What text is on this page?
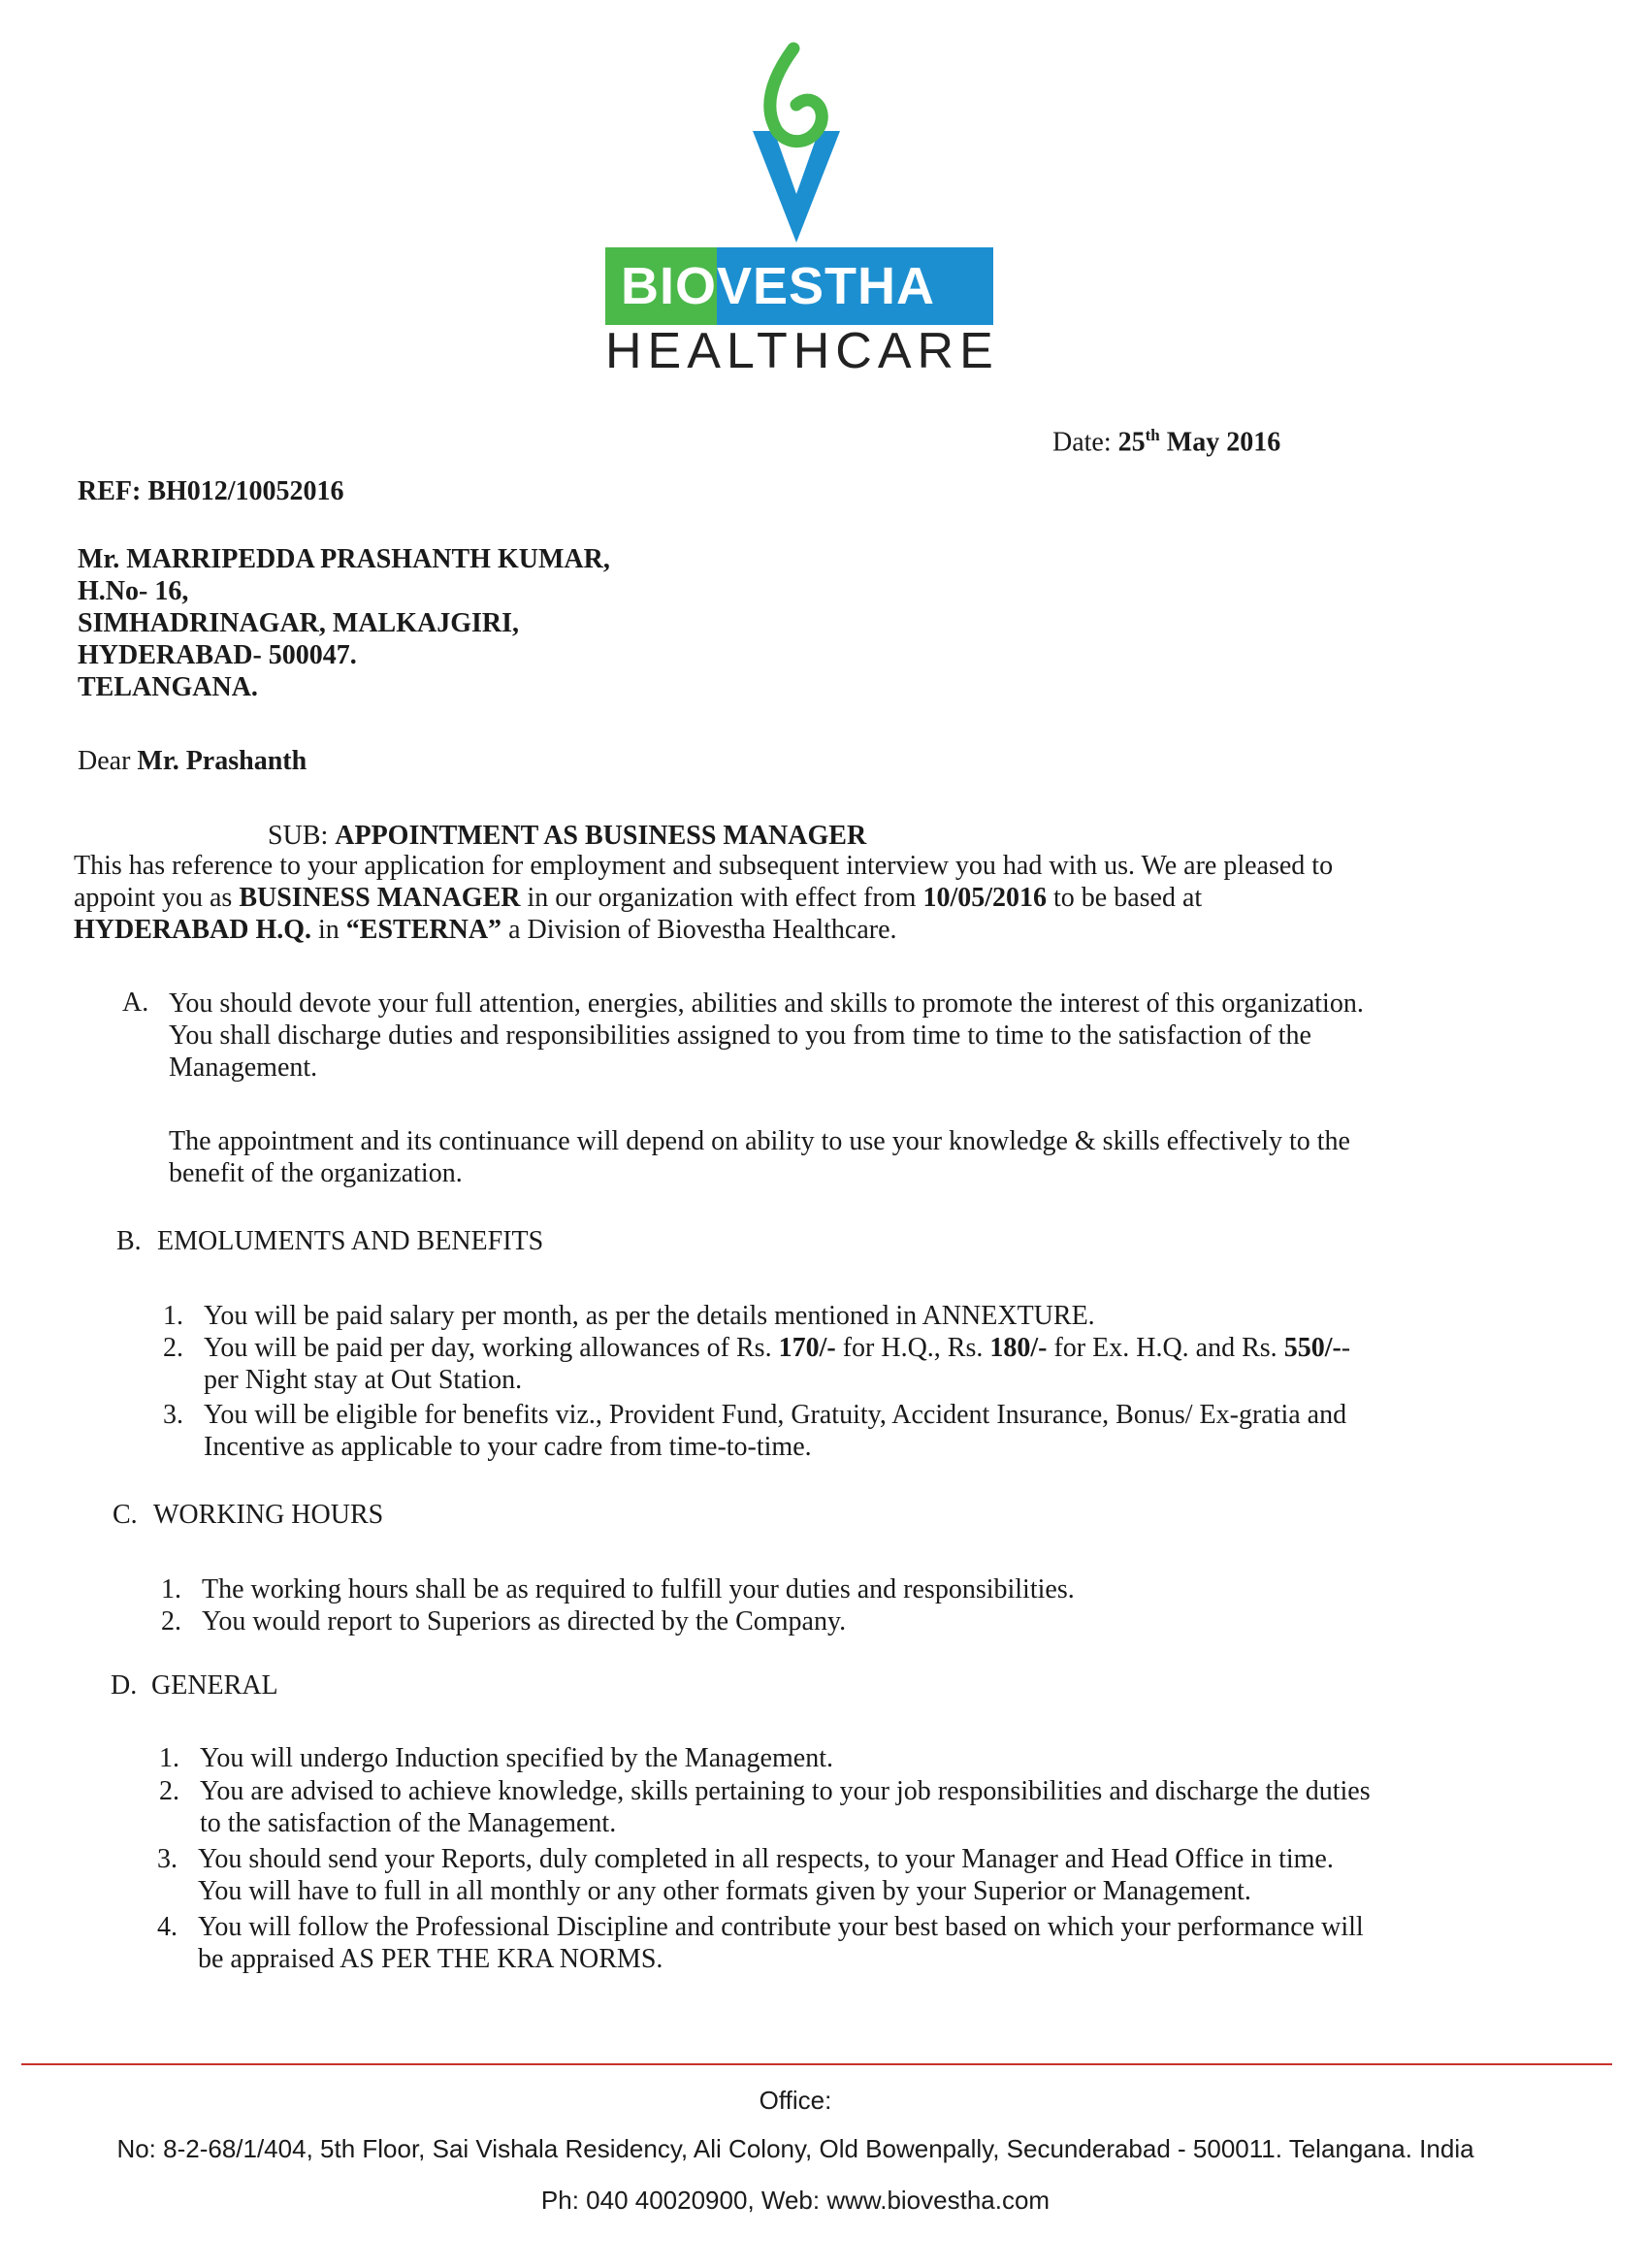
BIO VESTHA
HEALTHCARE
Date: 25th May 2016
REF: BH012/10052016
Mr. MARRIPEDDA PRASHANTH KUMAR,
H.No- 16,
SIMHADRINAGAR, MALKAJGIRI,
HYDERABAD- 500047.
TELANGANA.
Dear Mr. Prashanth
SUB: APPOINTMENT AS BUSINESS MANAGER
This has reference to your application for employment and subsequent interview you had with us. We are pleased to
appoint you as BUSINESS MANAGER in our organization with effect from 10/05/2016 to be based at
HYDERABAD H.Q. in “ESTERNA” a Division of Biovestha Healthcare.
A. You should devote your full attention, energies, abilities and skills to promote the interest of this organization.
You shall discharge duties and responsibilities assigned to you from time to time to the satisfaction of the
Management.
The appointment and its continuance will depend on ability to use your knowledge & skills effectively to the
benefit of the organization.
B. EMOLUMENTS AND BENEFITS
1. You will be paid salary per month, as per the details mentioned in ANNEXTURE.
2. You will be paid per day, working allowances of Rs. 170/- for H.Q., Rs. 180/- for Ex. H.Q. and Rs. 550/--
per Night stay at Out Station.
3. You will be eligible for benefits viz., Provident Fund, Gratuity, Accident Insurance, Bonus/ Ex-gratia and
Incentive as applicable to your cadre from time-to-time.
C. WORKING HOURS
1. The working hours shall be as required to fulfill your duties and responsibilities.
2. You would report to Superiors as directed by the Company.
D. GENERAL
1. You will undergo Induction specified by the Management.
2. You are advised to achieve knowledge, skills pertaining to your job responsibilities and discharge the duties
to the satisfaction of the Management.
3. You should send your Reports, duly completed in all respects, to your Manager and Head Office in time.
You will have to full in all monthly or any other formats given by your Superior or Management.
4. You will follow the Professional Discipline and contribute your best based on which your performance will
be appraised AS PER THE KRA NORMS.
Office:
No: 8-2-68/1/404, 5th Floor, Sai Vishala Residency, Ali Colony, Old Bowenpally, Secunderabad - 500011. Telangana. India
Ph: 040 40020900, Web: www.biovestha.com
